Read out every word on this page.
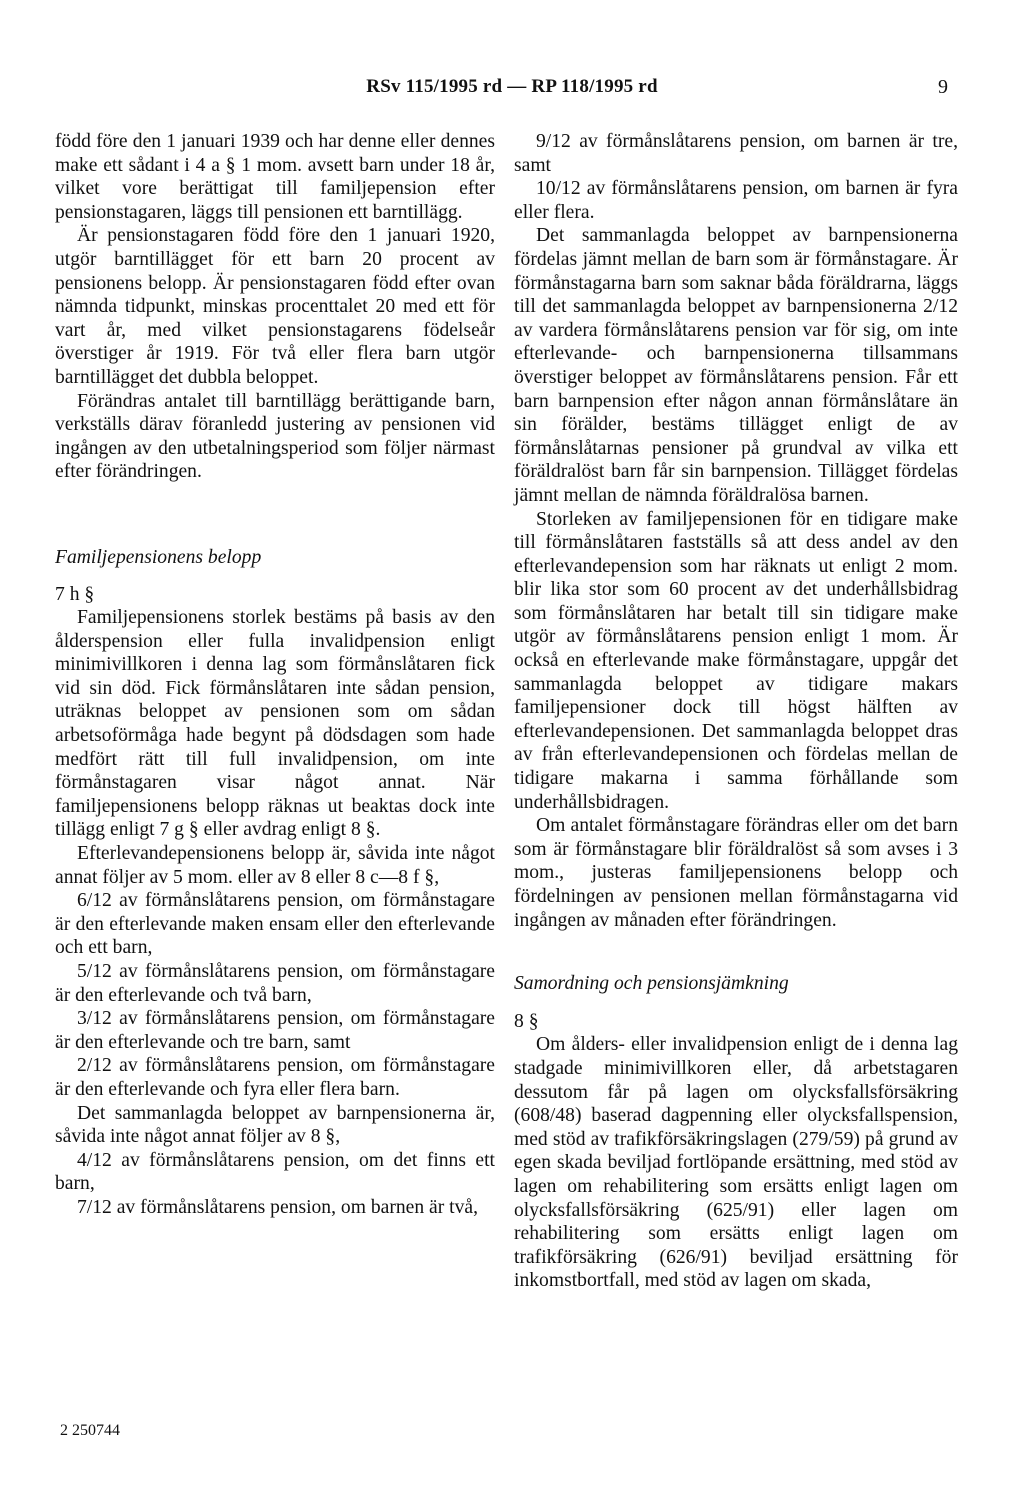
RSv 115/1995 rd — RP 118/1995 rd	9

född före den 1 januari 1939 och har denne eller dennes make ett sådant i 4 a § 1 mom. avsett barn under 18 år, vilket vore berättigat till familjepension efter pensionstagaren, läggs till pensionen ett barntillägg.

Är pensionstagaren född före den 1 januari 1920, utgör barntillägget för ett barn 20 procent av pensionens belopp. Är pensionstagaren född efter ovan nämnda tidpunkt, minskas procenttalet 20 med ett för vart år, med vilket pensionstagarens födelseår överstiger år 1919. För två eller flera barn utgör barntillägget det dubbla beloppet.

Förändras antalet till barntillägg berättigande barn, verkställs därav föranledd justering av pensionen vid ingången av den utbetalningsperiod som följer närmast efter förändringen.

Familjepensionens belopp

7 h §

Familjepensionens storlek bestäms på basis av den ålderspension eller fulla invalidpension enligt minimivillkoren i denna lag som förmånslåtaren fick vid sin död. Fick förmånslåtaren inte sådan pension, uträknas beloppet av pensionen som om sådan arbetsoförmåga hade begynt på dödsdagen som hade medfört rätt till full invalidpension, om inte förmånstagaren visar något annat. När familjepensionens belopp räknas ut beaktas dock inte tillägg enligt 7 g § eller avdrag enligt 8 §.

Efterlevandepensionens belopp är, såvida inte något annat följer av 5 mom. eller av 8 eller 8 c—8 f §,

6/12 av förmånslåtarens pension, om förmånstagare är den efterlevande maken ensam eller den efterlevande och ett barn,

5/12 av förmånslåtarens pension, om förmånstagare är den efterlevande och två barn,

3/12 av förmånslåtarens pension, om förmånstagare är den efterlevande och tre barn, samt

2/12 av förmånslåtarens pension, om förmånstagare är den efterlevande och fyra eller flera barn.

Det sammanlagda beloppet av barnpensionerna är, såvida inte något annat följer av 8 §,

4/12 av förmånslåtarens pension, om det finns ett barn,

7/12 av förmånslåtarens pension, om barnen är två,

9/12 av förmånslåtarens pension, om barnen är tre, samt

10/12 av förmånslåtarens pension, om barnen är fyra eller flera.

Det sammanlagda beloppet av barnpensionerna fördelas jämnt mellan de barn som är förmånstagare. Är förmånstagarna barn som saknar båda föräldrarna, läggs till det sammanlagda beloppet av barnpensionerna 2/12 av vardera förmånslåtarens pension var för sig, om inte efterlevande- och barnpensionerna tillsammans överstiger beloppet av förmånslåtarens pension. Får ett barn barnpension efter någon annan förmånslåtare än sin förälder, bestäms tillägget enligt de av förmånslåtarnas pensioner på grundval av vilka ett föräldralöst barn får sin barnpension. Tillägget fördelas jämnt mellan de nämnda föräldralösa barnen.

Storleken av familjepensionen för en tidigare make till förmånslåtaren fastställs så att dess andel av den efterlevandepension som har räknats ut enligt 2 mom. blir lika stor som 60 procent av det underhållsbidrag som förmånslåtaren har betalt till sin tidigare make utgör av förmånslåtarens pension enligt 1 mom. Är också en efterlevande make förmånstagare, uppgår det sammanlagda beloppet av tidigare makars familjepensioner dock till högst hälften av efterlevandepensionen. Det sammanlagda beloppet dras av från efterlevandepensionen och fördelas mellan de tidigare makarna i samma förhållande som underhållsbidragen.

Om antalet förmånstagare förändras eller om det barn som är förmånstagare blir föräldralöst så som avses i 3 mom., justeras familjepensionens belopp och fördelningen av pensionen mellan förmånstagarna vid ingången av månaden efter förändringen.

Samordning och pensionsjämkning

8 §

Om ålders- eller invalidpension enligt de i denna lag stadgade minimivillkoren eller, då arbetstagaren dessutom får på lagen om olycksfallsförsäkring (608/48) baserad dagpenning eller olycksfallspension, med stöd av trafikförsäkringslagen (279/59) på grund av egen skada beviljad fortlöpande ersättning, med stöd av lagen om rehabilitering som ersätts enligt lagen om olycksfallsförsäkring (625/91) eller lagen om rehabilitering som ersätts enligt lagen om trafikförsäkring (626/91) beviljad ersättning för inkomstbortfall, med stöd av lagen om skada,

2 250744
